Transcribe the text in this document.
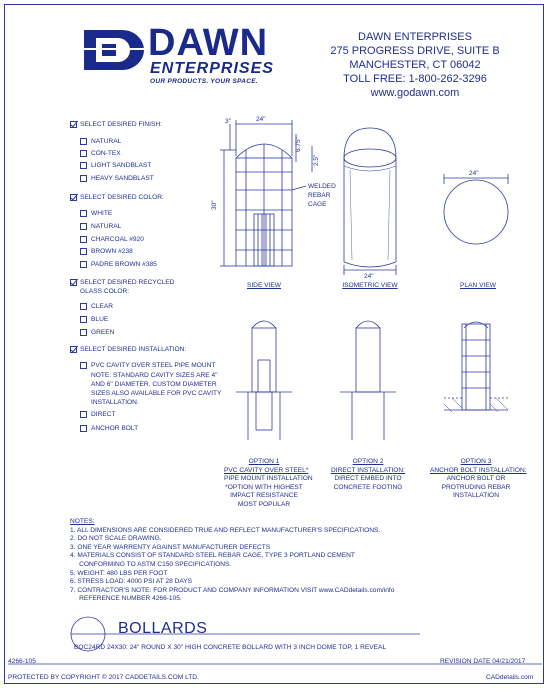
DAWN
ENTERPRISES
OUR PRODUCTS. YOUR SPACE.
DAWN ENTERPRISES
275 PROGRESS DRIVE, SUITE B
MANCHESTER, CT 06042
TOLL FREE: 1-800-262-3296
www.godawn.com
SELECT DESIRED FINISH:
NATURAL
CON-TEX
LIGHT SANDBLAST
HEAVY SANDBLAST
SELECT DESIRED COLOR:
WHITE
NATURAL
CHARCOAL #920
BROWN #238
PADRE BROWN #385
SELECT DESIRED RECYCLED
GLASS COLOR:
CLEAR
BLUE
GREEN
SELECT DESIRED INSTALLATION:
PVC CAVITY OVER STEEL PIPE MOUNT
NOTE: STANDARD CAVITY SIZES ARE 4"
AND 6" DIAMETER. CUSTOM DIAMETER
SIZES ALSO AVAILABLE FOR PVC CAVITY
INSTALLATION.
DIRECT
ANCHOR BOLT
24"
3"
30"
6.75"
2.5"
WELDED
REBAR
CAGE
24"
24"
SIDE VIEW	ISOMETRIC VIEW	PLAN VIEW
OPTION 1
PVC CAVITY OVER STEEL*
PIPE MOUNT INSTALLATION
*OPTION WITH HIGHEST
IMPACT RESISTANCE
MOST POPULAR
OPTION 2
DIRECT INSTALLATION:
DIRECT EMBED INTO
CONCRETE FOOTING
OPTION 3
ANCHOR BOLT INSTALLATION:
ANCHOR BOLT OR
PROTRUDING REBAR
INSTALLATION
NOTES:
1. ALL DIMENSIONS ARE CONSIDERED TRUE AND REFLECT MANUFACTURER'S SPECIFICATIONS.
2. DO NOT SCALE DRAWING.
3. ONE YEAR WARRENTY AGAINST MANUFACTURER DEFECTS
4. MATERIALS CONSIST OF STANDARD STEEL REBAR CAGE, TYPE 3 PORTLAND CEMENT
CONFORMING TO ASTM C150 SPECIFICATIONS.
5. WEIGHT: 480 LBS PER FOOT
6. STRESS LOAD: 4000 PSI AT 28 DAYS
7. CONTRACTOR'S NOTE: FOR PRODUCT AND COMPANY INFORMATION VISIT www.CADdetails.com/info
REFERENCE NUMBER 4266-105.
BOLLARDS
BOC24RD 24X30: 24" ROUND X 30" HIGH CONCRETE BOLLARD WITH 3 INCH DOME TOP, 1 REVEAL
4266-105	REVISION DATE 04/21/2017
PROTECTED BY COPYRIGHT © 2017 CADDETAILS.COM LTD.	CADdetails.com
